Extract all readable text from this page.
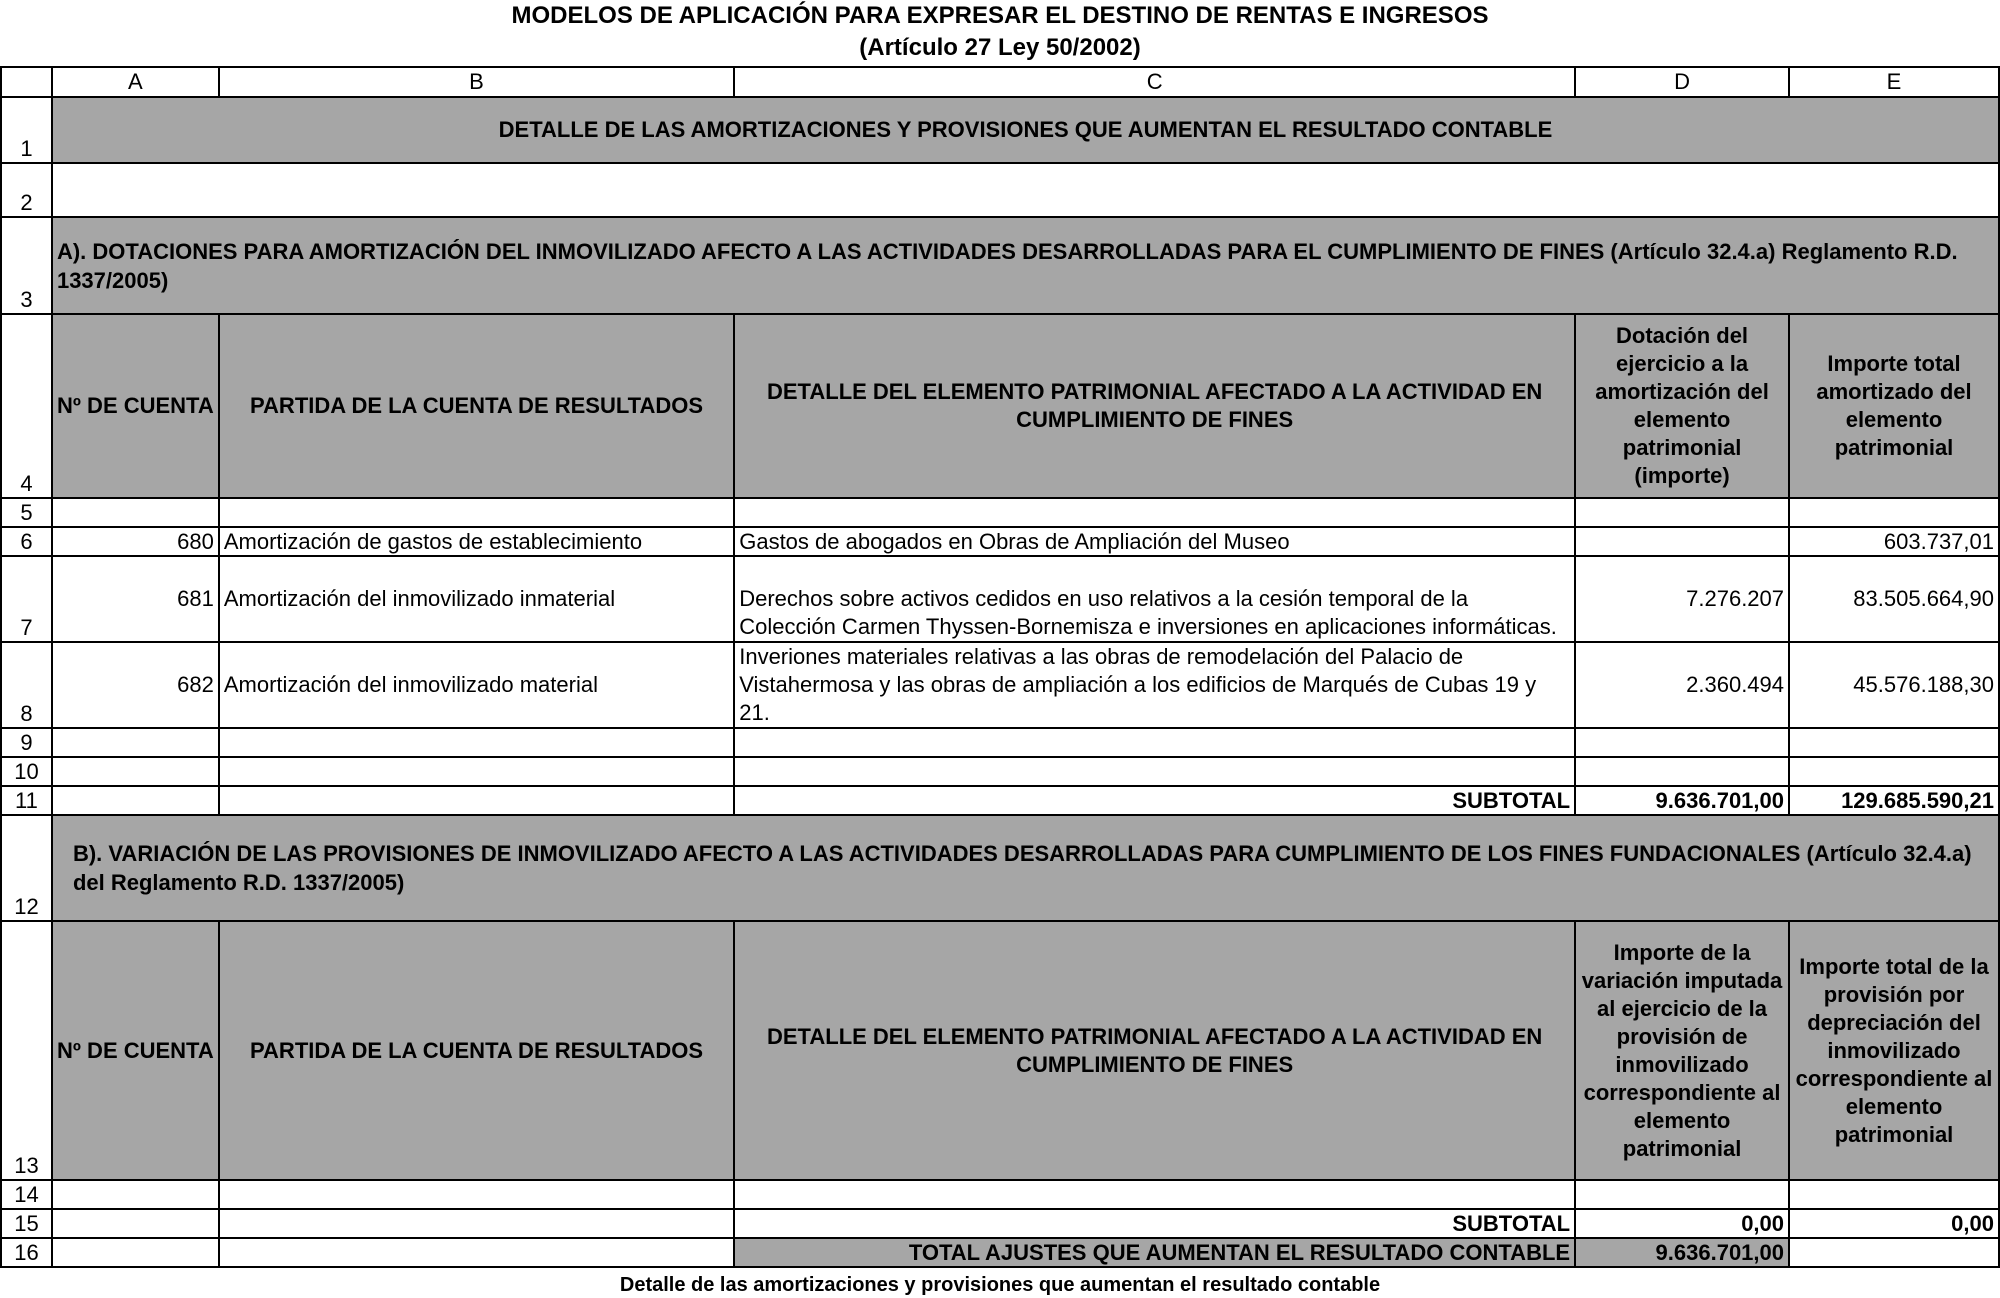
MODELOS DE APLICACIÓN PARA EXPRESAR EL DESTINO DE RENTAS E INGRESOS
(Artículo 27 Ley 50/2002)
	A	B	C	D	E
1	DETALLE DE LAS AMORTIZACIONES Y PROVISIONES QUE AUMENTAN EL RESULTADO CONTABLE				
2					
3	A). DOTACIONES PARA AMORTIZACIÓN DEL INMOVILIZADO AFECTO A LAS ACTIVIDADES DESARROLLADAS PARA EL CUMPLIMIENTO DE FINES (Artículo 32.4.a) Reglamento R.D. 1337/2005)				
4	Nº DE CUENTA	PARTIDA DE LA CUENTA DE RESULTADOS	DETALLE DEL ELEMENTO PATRIMONIAL AFECTADO A LA ACTIVIDAD EN CUMPLIMIENTO DE FINES	Dotación del ejercicio a la amortización del elemento patrimonial (importe)	Importe total amortizado del elemento patrimonial
5					
6	680	Amortización de gastos de establecimiento	Gastos de abogados en Obras de Ampliación del Museo		603.737,01
7	681	Amortización del inmovilizado inmaterial	Derechos sobre activos cedidos en uso relativos a la cesión temporal de la Colección Carmen Thyssen-Bornemisza e inversiones en aplicaciones informáticas.	7.276.207	83.505.664,90
8	682	Amortización del inmovilizado material	Inveriones materiales relativas a las obras de remodelación del Palacio de Vistahermosa y las obras de ampliación a los edificios de Marqués de Cubas 19 y 21.	2.360.494	45.576.188,30
9					
10					
11			SUBTOTAL	9.636.701,00	129.685.590,21
12	B). VARIACIÓN DE LAS PROVISIONES DE INMOVILIZADO AFECTO A LAS ACTIVIDADES DESARROLLADAS PARA CUMPLIMIENTO DE LOS FINES FUNDACIONALES (Artículo 32.4.a) del Reglamento R.D. 1337/2005)				
13	Nº DE CUENTA	PARTIDA DE LA CUENTA DE RESULTADOS	DETALLE DEL ELEMENTO PATRIMONIAL AFECTADO A LA ACTIVIDAD EN CUMPLIMIENTO DE FINES	Importe de la variación imputada al ejercicio de la provisión de inmovilizado correspondiente al elemento patrimonial	Importe total de la provisión por depreciación del inmovilizado correspondiente al elemento patrimonial
14					
15			SUBTOTAL	0,00	0,00
16			TOTAL AJUSTES QUE AUMENTAN EL RESULTADO CONTABLE	9.636.701,00	
Detalle de las amortizaciones y provisiones que aumentan el resultado contable
